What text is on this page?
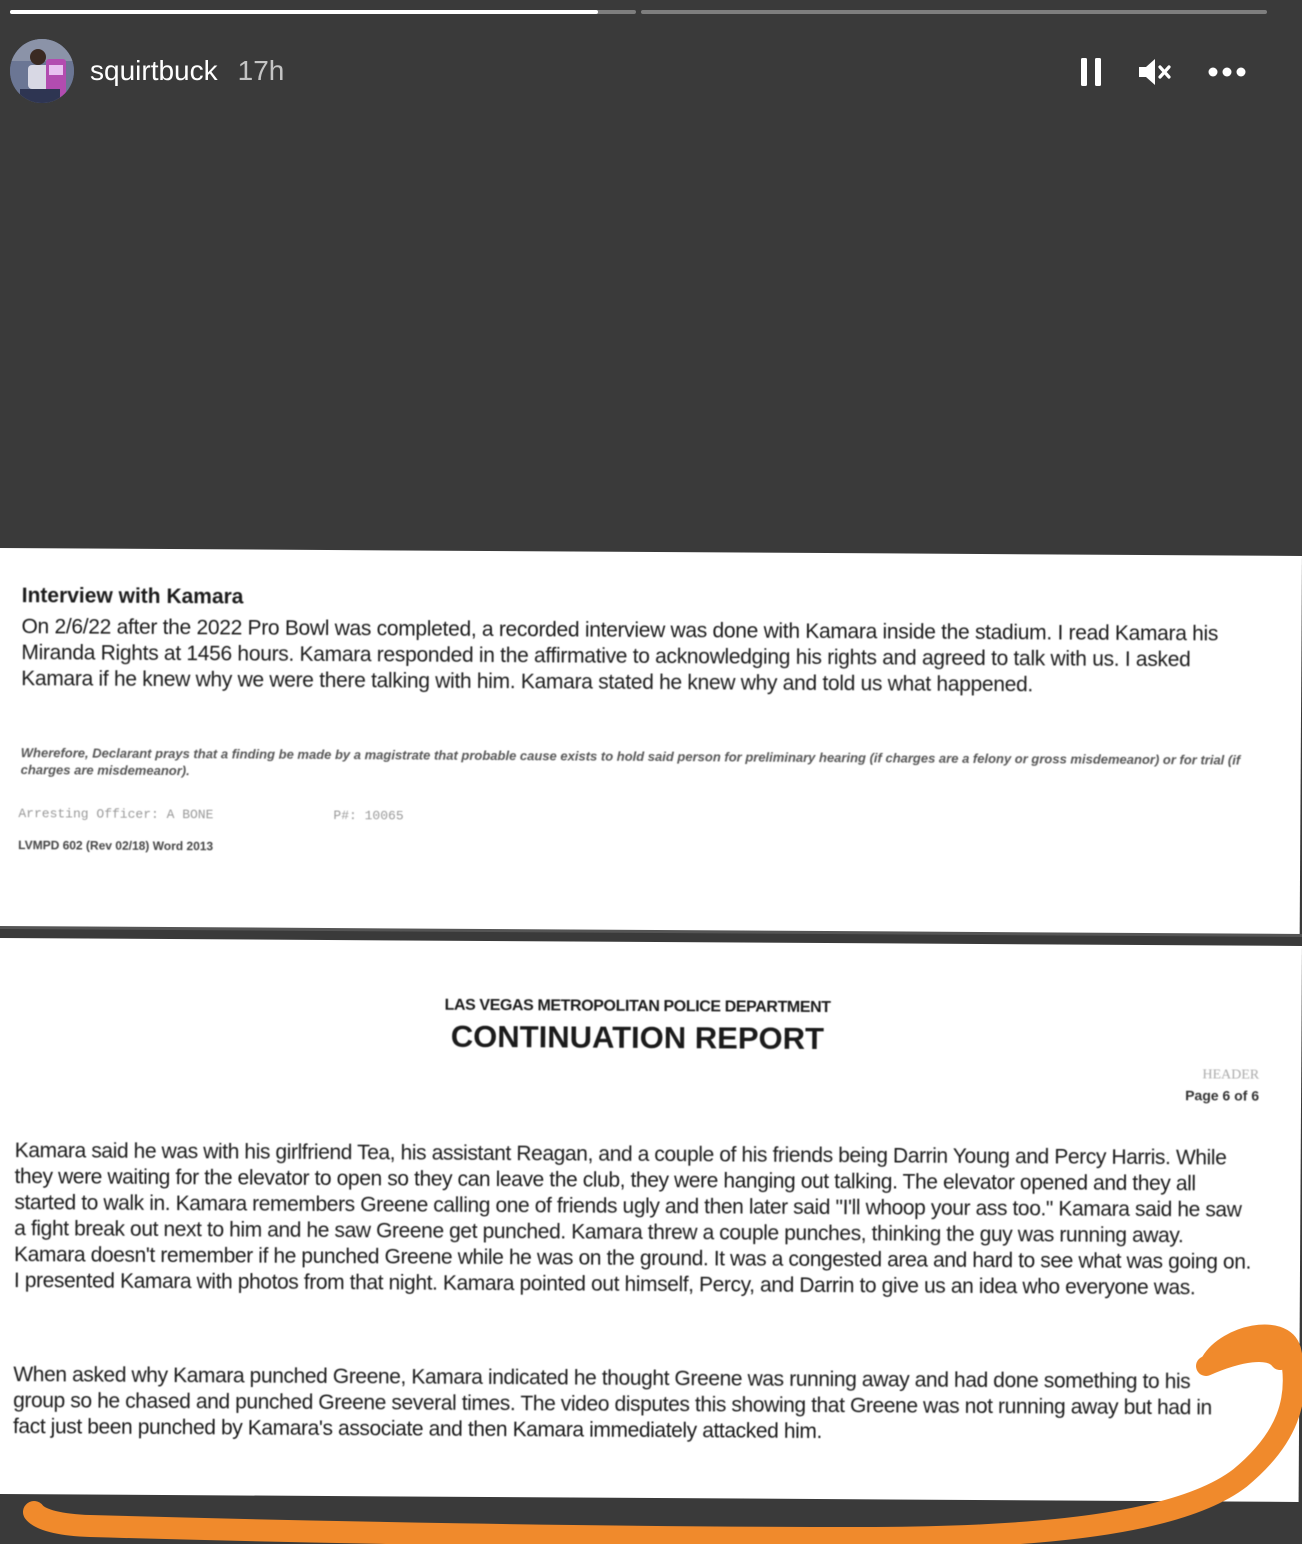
squirtbuck 17h
Interview with Kamara
On 2/6/22 after the 2022 Pro Bowl was completed, a recorded interview was done with Kamara inside the stadium. I read Kamara his Miranda Rights at 1456 hours. Kamara responded in the affirmative to acknowledging his rights and agreed to talk with us. I asked Kamara if he knew why we were there talking with him. Kamara stated he knew why and told us what happened.
Wherefore, Declarant prays that a finding be made by a magistrate that probable cause exists to hold said person for preliminary hearing (if charges are a felony or gross misdemeanor) or for trial (if charges are misdemeanor).
Arresting Officer: A BONE	P#: 10065
LVMPD 602 (Rev 02/18) Word 2013
LAS VEGAS METROPOLITAN POLICE DEPARTMENT
CONTINUATION REPORT
HEADER
Page 6 of 6
Kamara said he was with his girlfriend Tea, his assistant Reagan, and a couple of his friends being Darrin Young and Percy Harris. While they were waiting for the elevator to open so they can leave the club, they were hanging out talking. The elevator opened and they all started to walk in. Kamara remembers Greene calling one of friends ugly and then later said "I'll whoop your ass too." Kamara said he saw a fight break out next to him and he saw Greene get punched. Kamara threw a couple punches, thinking the guy was running away. Kamara doesn't remember if he punched Greene while he was on the ground. It was a congested area and hard to see what was going on. I presented Kamara with photos from that night. Kamara pointed out himself, Percy, and Darrin to give us an idea who everyone was.
When asked why Kamara punched Greene, Kamara indicated he thought Greene was running away and had done something to his group so he chased and punched Greene several times. The video disputes this showing that Greene was not running away but had in fact just been punched by Kamara's associate and then Kamara immediately attacked him.
